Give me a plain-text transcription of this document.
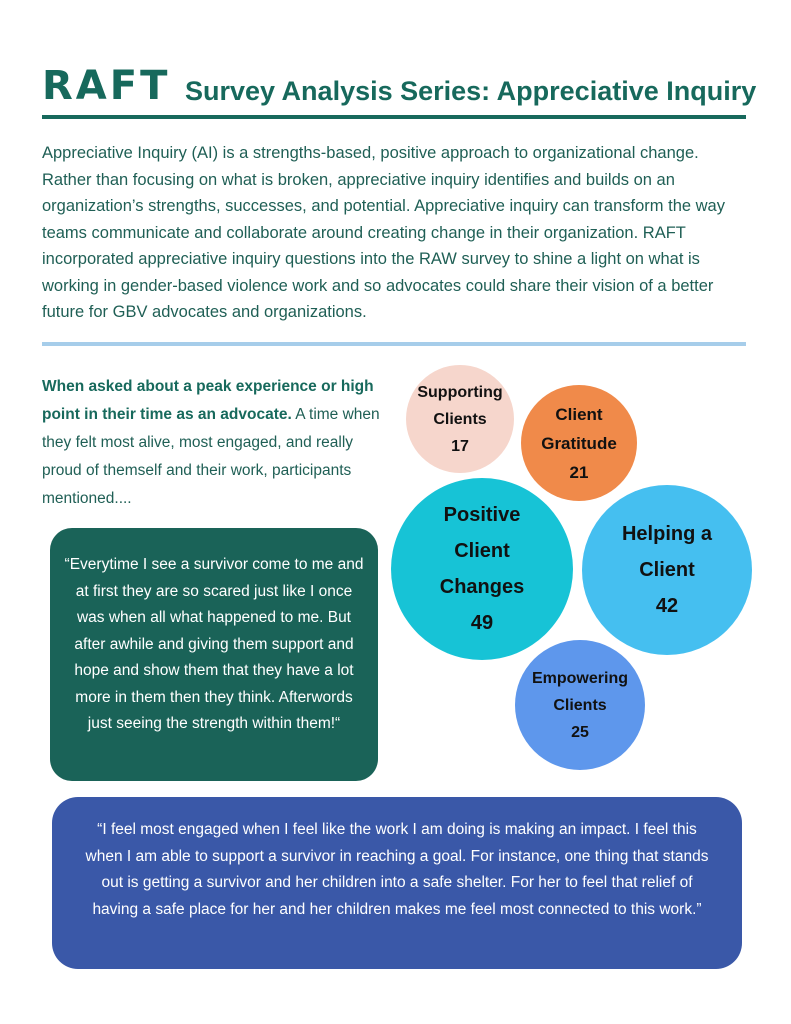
RAFT Survey Analysis Series: Appreciative Inquiry
Appreciative Inquiry (AI) is a strengths-based, positive approach to organizational change. Rather than focusing on what is broken, appreciative inquiry identifies and builds on an organization’s strengths, successes, and potential. Appreciative inquiry can transform the way teams communicate and collaborate around creating change in their organization. RAFT incorporated appreciative inquiry questions into the RAW survey to shine a light on what is working in gender-based violence work and so advocates could share their vision of a better future for GBV advocates and organizations.
When asked about a peak experience or high point in their time as an advocate. A time when they felt most alive, most engaged, and really proud of themself and their work, participants mentioned....
Supporting
Clients
17
Client
Gratitude
21
Positive
Client
Changes
49
Helping a
Client
42
Empowering
Clients
25
“Everytime I see a survivor come to me and at first they are so scared just like I once was when all what happened to me. But after awhile and giving them support and hope and show them that they have a lot more in them then they think. Afterwords just seeing the strength within them!“
“I feel most engaged when I feel like the work I am doing is making an impact. I feel this when I am able to support a survivor in reaching a goal. For instance, one thing that stands out is getting a survivor and her children into a safe shelter. For her to feel that relief of having a safe place for her and her children makes me feel most connected to this work.”
